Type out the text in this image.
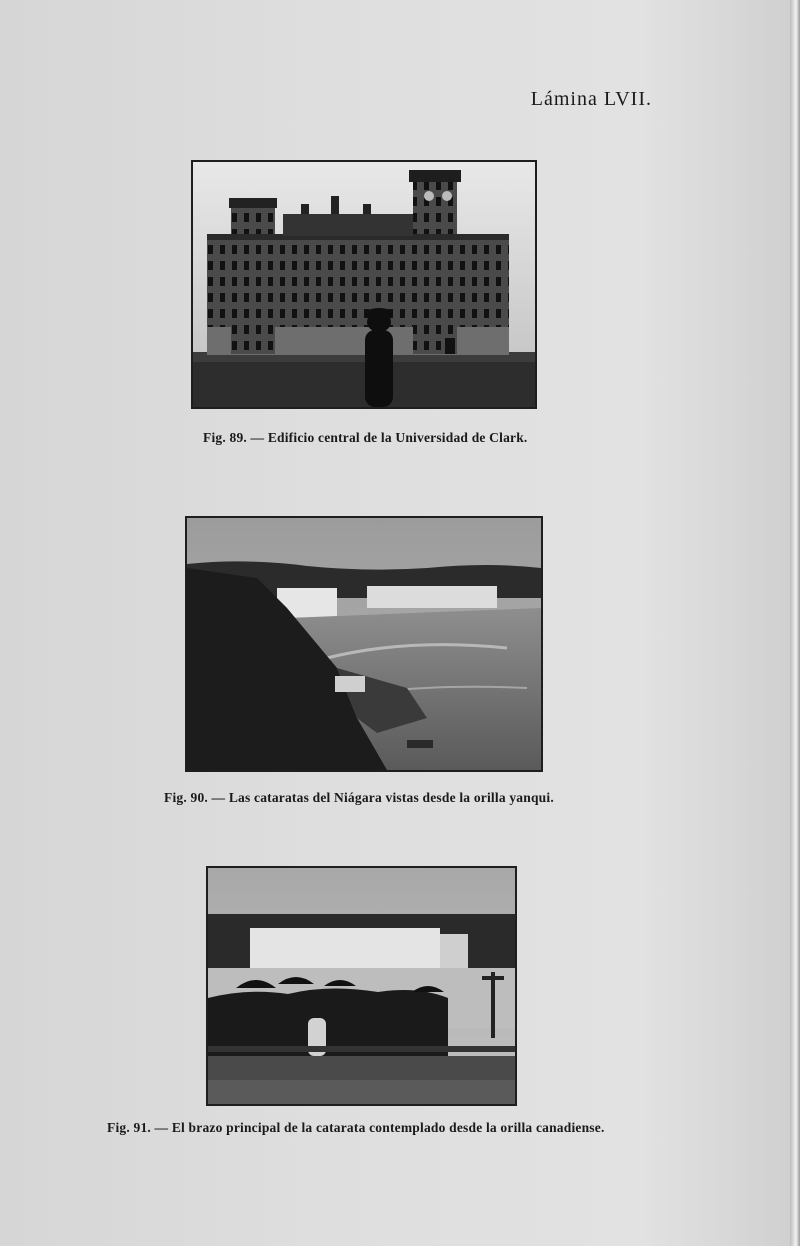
Lámina LVII.
Fig. 89. — Edificio central de la Universidad de Clark.
Fig. 90. — Las cataratas del Niágara vistas desde la orilla yanqui.
Fig. 91. — El brazo principal de la catarata contemplado desde la orilla canadiense.
